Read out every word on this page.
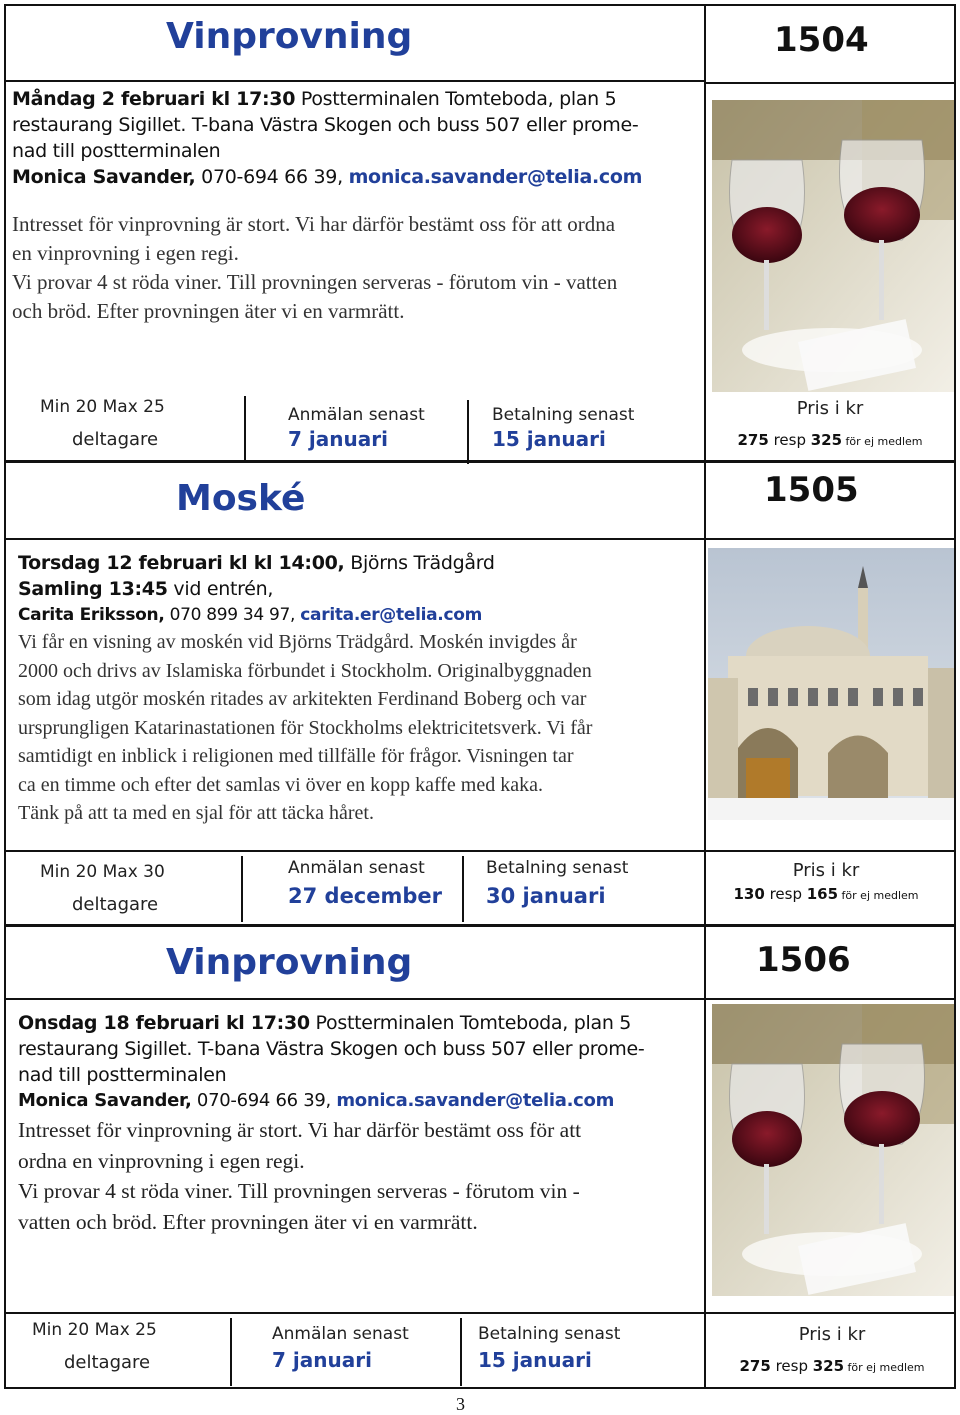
Vinprovning	1504
Måndag 2 februari kl 17:30 Postterminalen Tomteboda, plan 5
restaurang Sigillet. T-bana Västra Skogen och buss 507 eller prome-
nad till postterminalen
Monica Savander, 070-694 66 39, monica.savander@telia.com
Intresset för vinprovning är stort. Vi har därför bestämt oss för att ordna
en vinprovning i egen regi.
Vi provar 4 st röda viner. Till provningen serveras - förutom vin - vatten
och bröd. Efter provningen äter vi en varmrätt.
Min 20 Max 25
deltagare
Anmälan senast
7 januari
Betalning senast
15 januari
Pris i kr
275 resp 325 för ej medlem
Moské	1505
Torsdag 12 februari kl kl 14:00, Björns Trädgård
Samling 13:45 vid entrén,
Carita Eriksson, 070 899 34 97, carita.er@telia.com
Vi får en visning av moskén vid Björns Trädgård. Moskén invigdes år
2000 och drivs av Islamiska förbundet i Stockholm. Originalbyggnaden
som idag utgör moskén ritades av arkitekten Ferdinand Boberg och var
ursprungligen Katarinastationen för Stockholms elektricitetsverk. Vi får
samtidigt en inblick i religionen med tillfälle för frågor. Visningen tar
ca en timme och efter det samlas vi över en kopp kaffe med kaka.
Tänk på att ta med en sjal för att täcka håret.
Min 20 Max 30
deltagare
Anmälan senast
27 december
Betalning senast
30 januari
Pris i kr
130 resp 165 för ej medlem
Vinprovning	1506
Onsdag 18 februari kl 17:30 Postterminalen Tomteboda, plan 5
restaurang Sigillet. T-bana Västra Skogen och buss 507 eller prome-
nad till postterminalen
Monica Savander, 070-694 66 39, monica.savander@telia.com
Intresset för vinprovning är stort. Vi har därför bestämt oss för att
ordna en vinprovning i egen regi.
Vi provar 4 st röda viner. Till provningen serveras - förutom vin -
vatten och bröd. Efter provningen äter vi en varmrätt.
Min 20 Max 25
deltagare
Anmälan senast
7 januari
Betalning senast
15 januari
Pris i kr
275 resp 325 för ej medlem
3
